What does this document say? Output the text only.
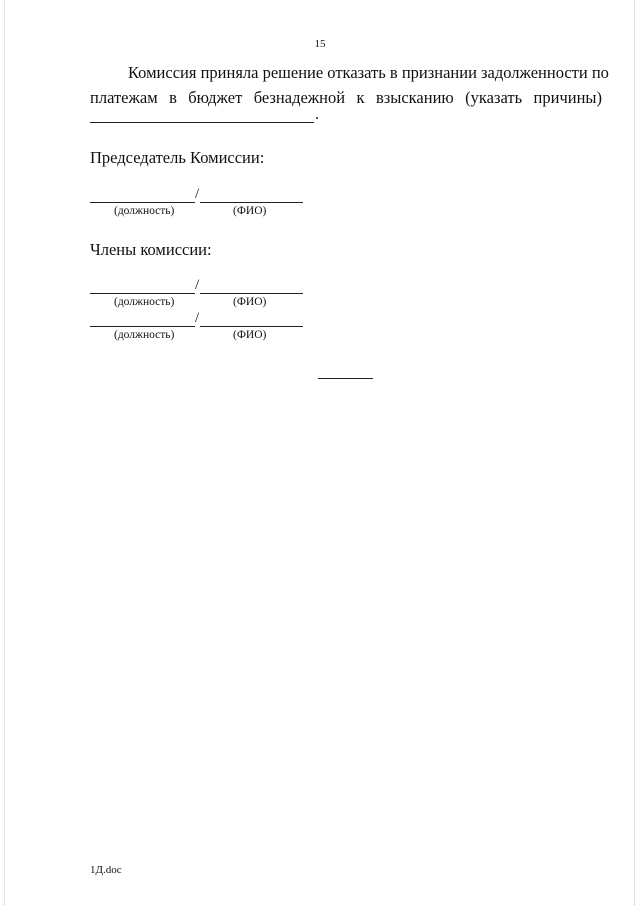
15
Комиссия приняла решение отказать в признании задолженности по
платежам в бюджет безнадежной к взысканию (указать причины)
.
Председатель Комиссии:
/
(должность)	(ФИО)
Члены комиссии:
/
(должность)	(ФИО)
/
(должность)	(ФИО)
1Д.doc
